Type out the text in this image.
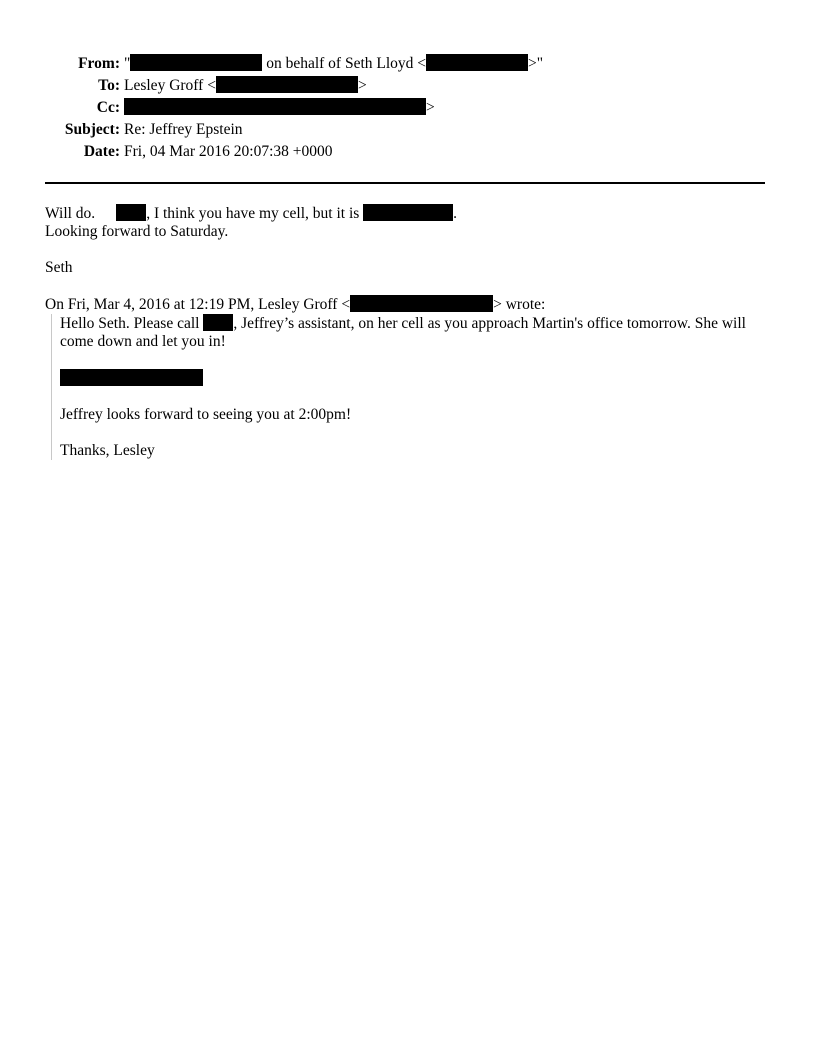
From: "	on behalf of Seth Lloyd <	>"
To: Lesley Groff <	>
Cc:	>
Subject: Re: Jeffrey Epstein
Date: Fri, 04 Mar 2016 20:07:38 +0000

Will do.	, I think you have my cell, but it is	.

Looking forward to Saturday.

Seth

On Fri, Mar 4, 2016 at 12:19 PM, Lesley Groff <	> wrote:

Hello Seth. Please call , Jeffrey’s assistant, on her cell as you approach Martin's office tomorrow. She will come down and let you in!

Jeffrey looks forward to seeing you at 2:00pm!

Thanks, Lesley
